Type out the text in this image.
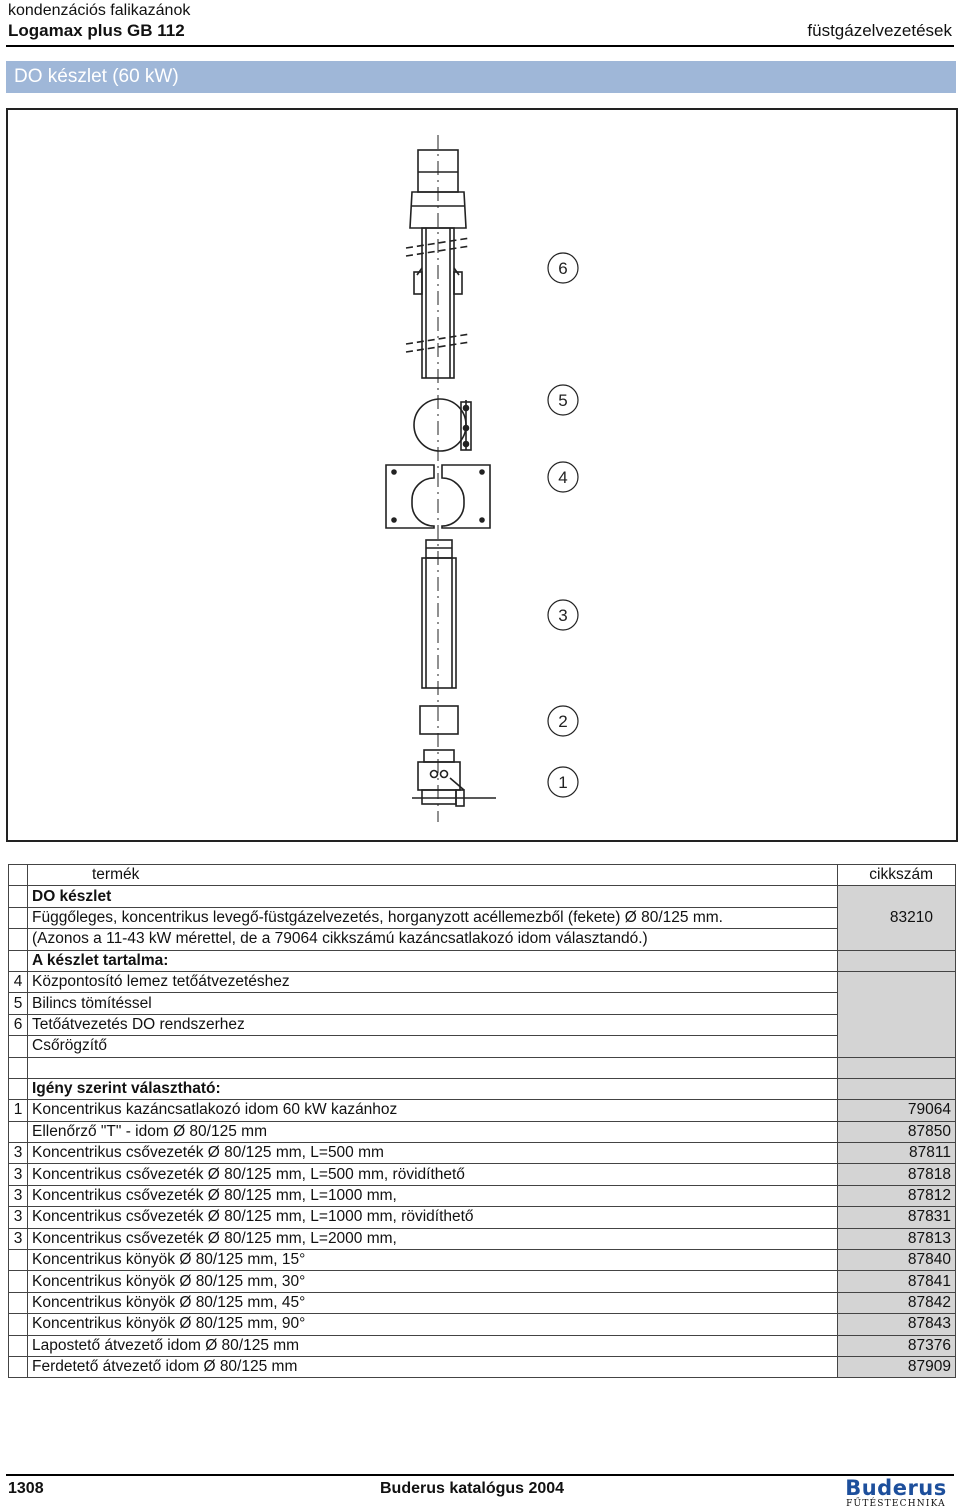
kondenzációs falikazánok
Logamax plus GB 112	füstgázelvezetések
DO készlet (60 kW)
6
5
4
3
2
1
	termék	cikkszám
	DO készlet	83210
	Függőleges, koncentrikus levegő-füstgázelvezetés, horganyzott acéllemezből (fekete) Ø 80/125 mm.	
	(Azonos a 11-43 kW mérettel, de a 79064 cikkszámú kazáncsatlakozó idom választandó.)	
	A készlet tartalma:	
4	Központosító lemez tetőátvezetéshez	
5	Bilincs tömítéssel	
6	Tetőátvezetés DO rendszerhez	
	Csőrögzítő	

	Igény szerint választható:	
1	Koncentrikus kazáncsatlakozó idom 60 kW kazánhoz	79064
	Ellenőrző "T" - idom Ø 80/125 mm	87850
3	Koncentrikus csővezeték Ø 80/125 mm, L=500 mm	87811
3	Koncentrikus csővezeték Ø 80/125 mm, L=500 mm, rövidíthető	87818
3	Koncentrikus csővezeték Ø 80/125 mm, L=1000 mm,	87812
3	Koncentrikus csővezeték Ø 80/125 mm, L=1000 mm, rövidíthető	87831
3	Koncentrikus csővezeték Ø 80/125 mm, L=2000 mm,	87813
	Koncentrikus könyök Ø 80/125 mm, 15°	87840
	Koncentrikus könyök Ø 80/125 mm, 30°	87841
	Koncentrikus könyök Ø 80/125 mm, 45°	87842
	Koncentrikus könyök Ø 80/125 mm, 90°	87843
	Lapostető átvezető idom Ø 80/125 mm	87376
	Ferdetető átvezető idom Ø 80/125 mm	87909
1308	Buderus katalógus 2004	Buderus
FŰTÉSTECHNIKA
